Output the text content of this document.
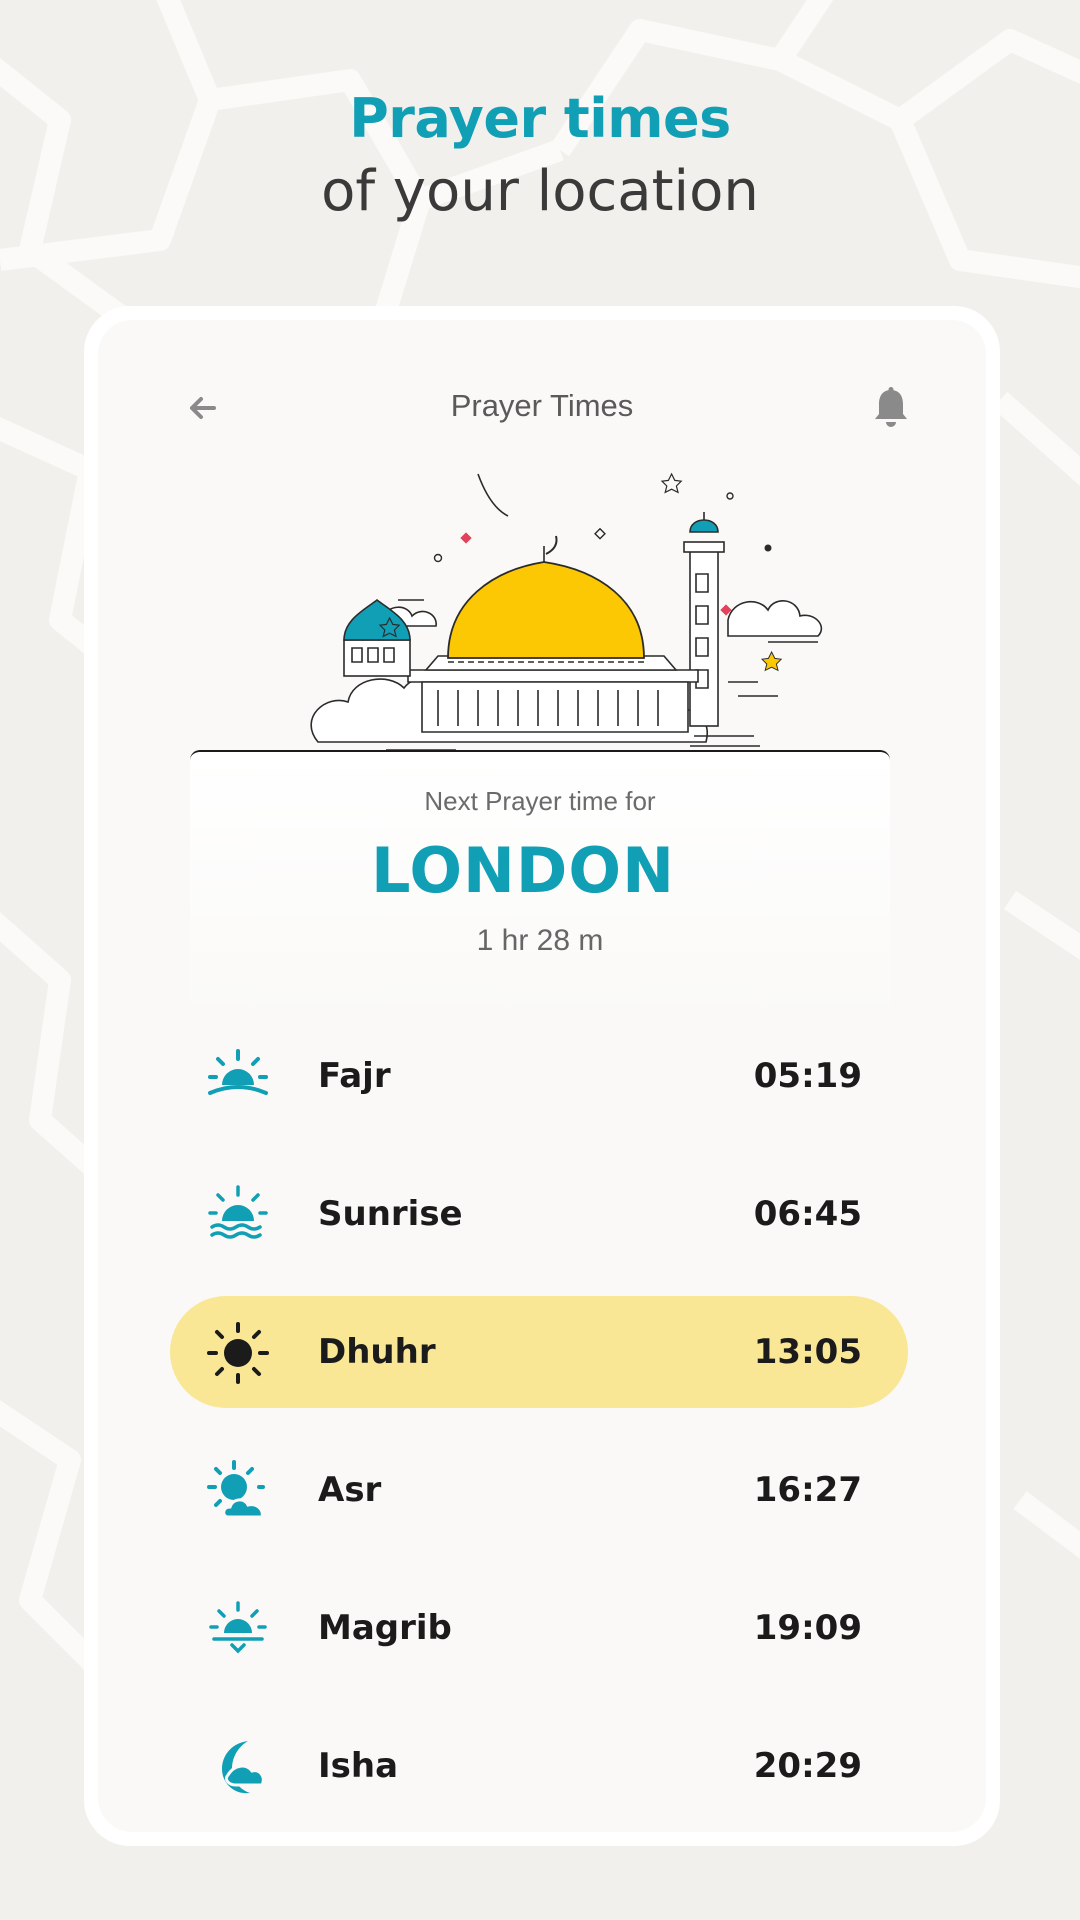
Prayer times
of your location
Prayer Times
Next Prayer time for
LONDON
1 hr 28 m
Fajr	05:19
Sunrise	06:45
Dhuhr	13:05
Asr	16:27
Magrib	19:09
Isha	20:29
